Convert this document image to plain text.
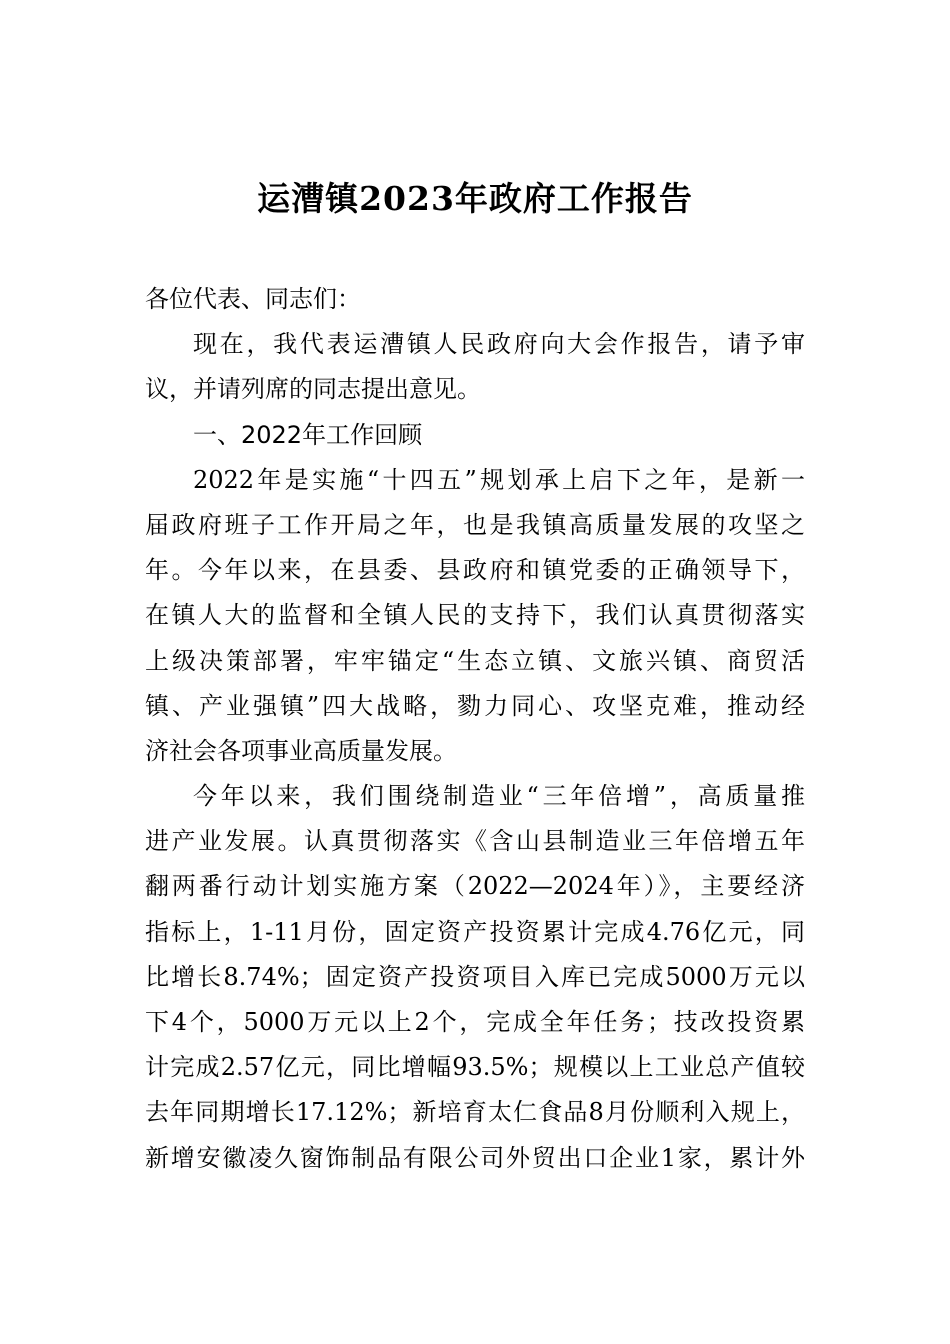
运漕镇2023年政府工作报告
各位代表、同志们：
现在，我代表运漕镇人民政府向大会作报告，请予审
议，并请列席的同志提出意见。
一、2022年工作回顾
2022年是实施“十四五”规划承上启下之年，是新一
届政府班子工作开局之年，也是我镇高质量发展的攻坚之
年。今年以来，在县委、县政府和镇党委的正确领导下，
在镇人大的监督和全镇人民的支持下，我们认真贯彻落实
上级决策部署，牢牢锚定“生态立镇、文旅兴镇、商贸活
镇、产业强镇”四大战略，勠力同心、攻坚克难，推动经
济社会各项事业高质量发展。
今年以来，我们围绕制造业“三年倍增”，高质量推
进产业发展。认真贯彻落实《含山县制造业三年倍增五年
翻两番行动计划实施方案（2022—2024年）》，主要经济
指标上，1-11月份，固定资产投资累计完成4.76亿元，同
比增长8.74%；固定资产投资项目入库已完成5000万元以
下4个，5000万元以上2个，完成全年任务；技改投资累
计完成2.57亿元，同比增幅93.5%；规模以上工业总产值较
去年同期增长17.12%；新培育太仁食品8月份顺利入规上，
新增安徽凌久窗饰制品有限公司外贸出口企业1家，累计外
